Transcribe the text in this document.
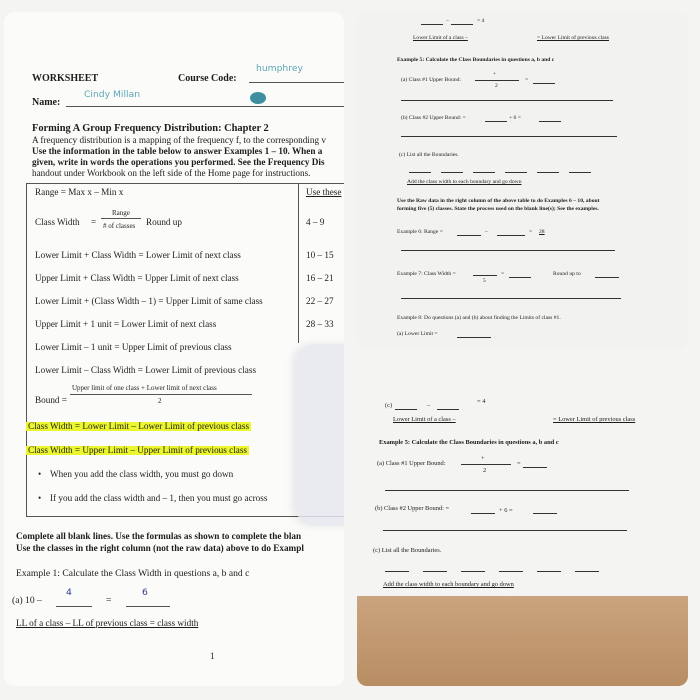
WORKSHEET	Course Code:
humphrey
Name:
Cindy Millan
Forming A Group Frequency Distribution: Chapter 2
A frequency distribution is a mapping of the frequency f, to the corresponding v
Use the information in the table below to answer Examples 1 – 10. When a
given, write in words the operations you performed. See the Frequency Dis
handout under Workbook on the left side of the Home page for instructions.
Range = Max x – Min x	Use these
Class Width =
Range
# of classes Round up	4 – 9
Lower Limit + Class Width = Lower Limit of next class	10 – 15
Upper Limit + Class Width = Upper Limit of next class	16 – 21
Lower Limit + (Class Width – 1) = Upper Limit of same class	22 – 27
Upper Limit + 1 unit = Lower Limit of next class	28 – 33
Lower Limit – 1 unit = Upper Limit of previous class
Lower Limit – Class Width = Lower Limit of previous class
Bound =
Upper limit of one class + Lower limit of next class
2
Class Width = Lower Limit – Lower Limit of previous class
Class Width = Upper Limit – Upper Limit of previous class
• When you add the class width, you must go down
• If you add the class width and – 1, then you must go across
Complete all blank lines. Use the formulas as shown to complete the blan
Use the classes in the right column (not the raw data) above to do Exampl
Example 1: Calculate the Class Width in questions a, b and c
(a) 10 –
4
=
6
LL of a class – LL of previous class = class width
1
–	= 4
Lower Limit of a class –	= Lower Limit of previous class
Example 5: Calculate the Class Boundaries in questions a, b and c
(a) Class #1 Upper Bound:
+
2
=
(b) Class #2 Upper Bound: =	+ 6 =
(c) List all the Boundaries.
Add the class width to each boundary and go down
Use the Raw data in the right column of the above table to do Examples 6 – 10, about
forming five (5) classes. State the process used on the blank line(s); See the examples.
Example 6: Range =	–	= 28
Example 7: Class Width =
5
=	Round up to
Example 8: Do questions (a) and (b) about finding the Limits of class #1.
(a) Lower Limit =
(c)	–
= 4
Lower Limit of a class –	= Lower Limit of previous class
Example 5: Calculate the Class Boundaries in questions a, b and c
(a) Class #1 Upper Bound:
+
2
=
(b) Class #2 Upper Bound: =	+ 6 =
(c) List all the Boundaries.
Add the class width to each boundary and go down
